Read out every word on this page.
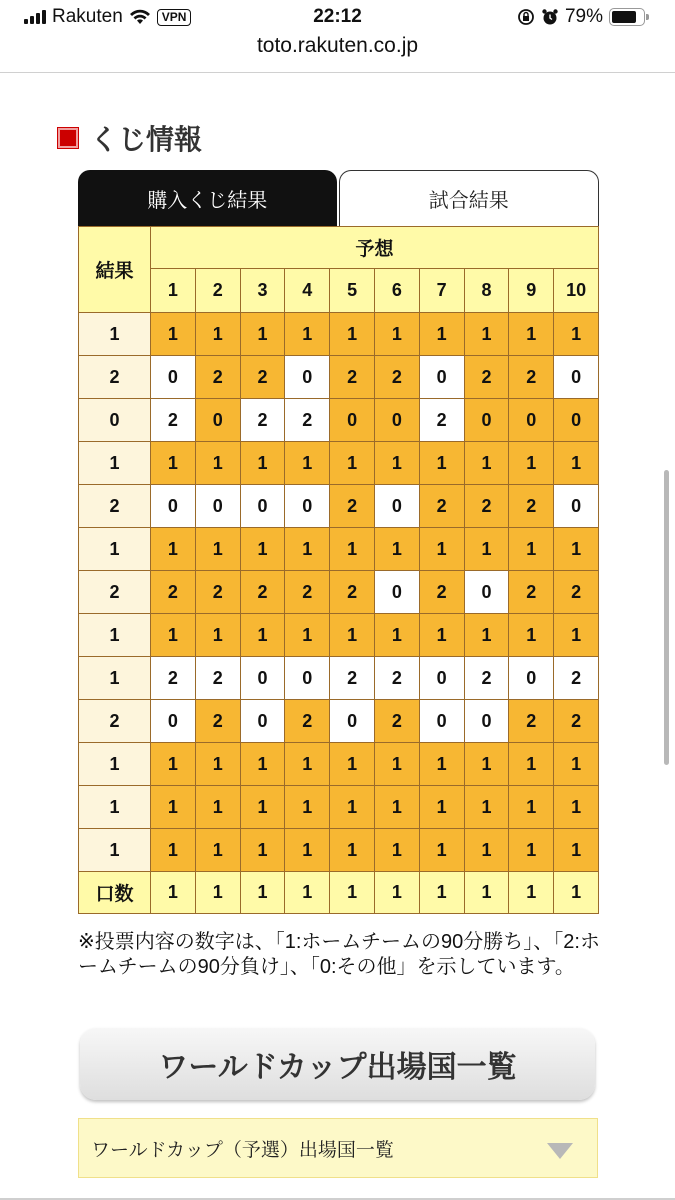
Rakuten	VPN	22:12	79%
toto.rakuten.co.jp
くじ情報
購入くじ結果	試合結果
結果	予想									
	1	2	3	4	5	6	7	8	9	10
1	1	1	1	1	1	1	1	1	1	1
2	0	2	2	0	2	2	0	2	2	0
0	2	0	2	2	0	0	2	0	0	0
1	1	1	1	1	1	1	1	1	1	1
2	0	0	0	0	2	0	2	2	2	0
1	1	1	1	1	1	1	1	1	1	1
2	2	2	2	2	2	0	2	0	2	2
1	1	1	1	1	1	1	1	1	1	1
1	2	2	0	0	2	2	0	2	0	2
2	0	2	0	2	0	2	0	0	2	2
1	1	1	1	1	1	1	1	1	1	1
1	1	1	1	1	1	1	1	1	1	1
1	1	1	1	1	1	1	1	1	1	1
口数	1	1	1	1	1	1	1	1	1	1
※投票内容の数字は、「1:ホームチームの90分勝ち」、「2:ホームチームの90分負け」、「0:その他」を示しています。
ワールドカップ出場国一覧
ワールドカップ（予選）出場国一覧
